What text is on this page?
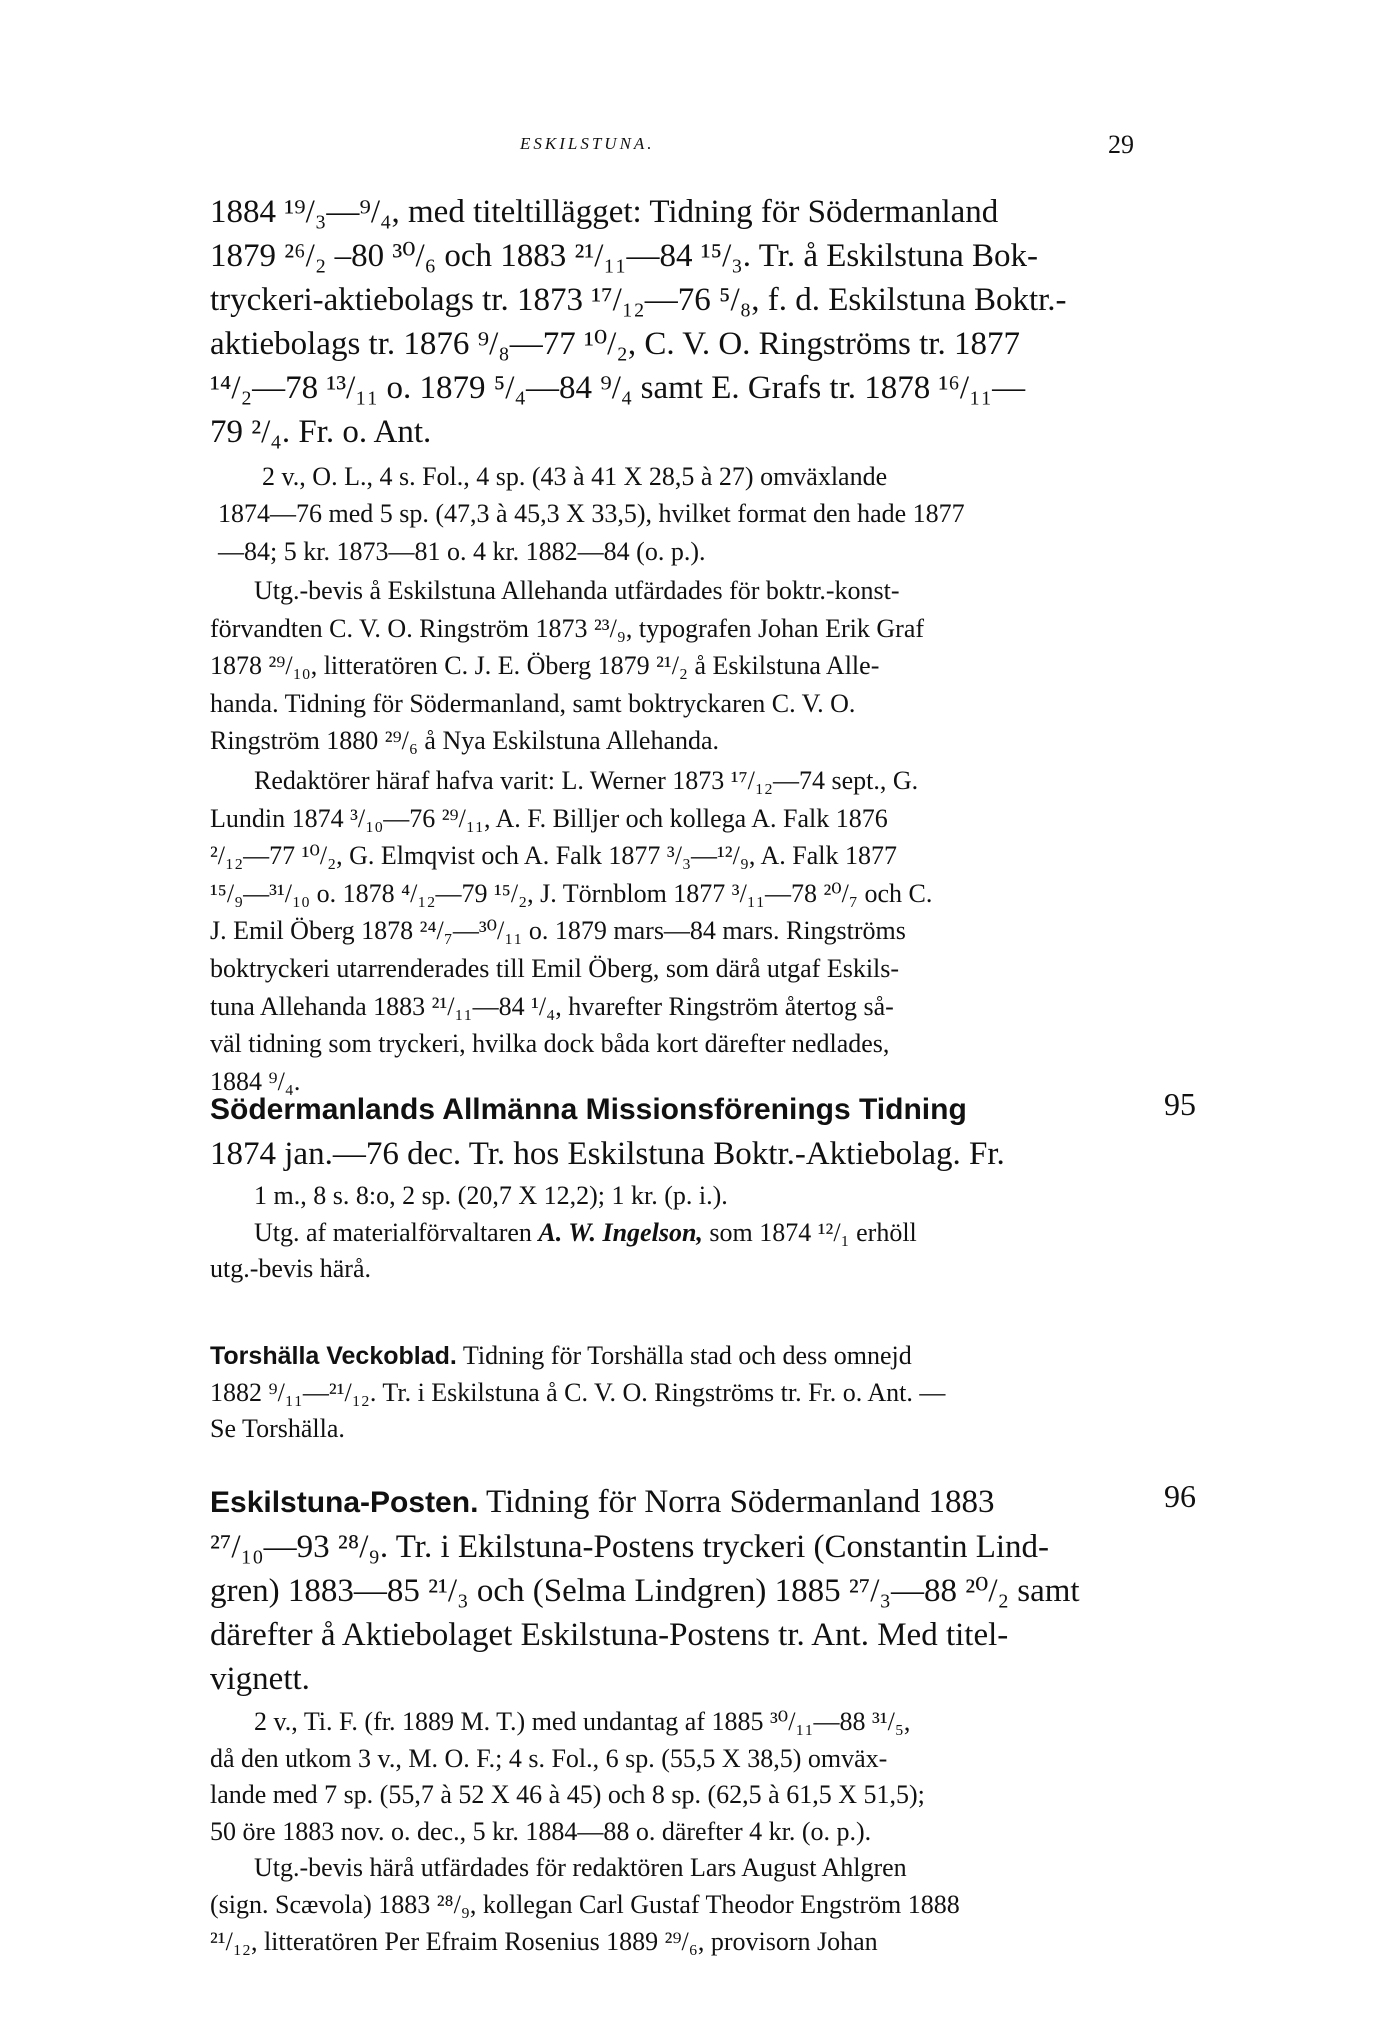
ESKILSTUNA.	29
1884 ¹⁹/₃—⁹/₄, med titeltillägget: Tidning för Södermanland
1879 ²⁶/₂ –80 ³⁰/₆ och 1883 ²¹/₁₁—84 ¹⁵/₃. Tr. å Eskilstuna Bok-
tryckeri-aktiebolags tr. 1873 ¹⁷/₁₂—76 ⁵/₈, f. d. Eskilstuna Boktr.-
aktiebolags tr. 1876 ⁹/₈—77 ¹⁰/₂, C. V. O. Ringströms tr. 1877
¹⁴/₂—78 ¹³/₁₁ o. 1879 ⁵/₄—84 ⁹/₄ samt E. Grafs tr. 1878 ¹⁶/₁₁—
79 ²/₄. Fr. o. Ant.
2 v., O. L., 4 s. Fol., 4 sp. (43 à 41 X 28,5 à 27) omväxlande
1874—76 med 5 sp. (47,3 à 45,3 X 33,5), hvilket format den hade 1877
—84; 5 kr. 1873—81 o. 4 kr. 1882—84 (o. p.).
Utg.-bevis å Eskilstuna Allehanda utfärdades för boktr.-konst-
förvandten C. V. O. Ringström 1873 ²³/₉, typografen Johan Erik Graf
1878 ²⁹/₁₀, litteratören C. J. E. Öberg 1879 ²¹/₂ å Eskilstuna Alle-
handa. Tidning för Södermanland, samt boktryckaren C. V. O.
Ringström 1880 ²⁹/₆ å Nya Eskilstuna Allehanda.
Redaktörer häraf hafva varit: L. Werner 1873 ¹⁷/₁₂—74 sept., G.
Lundin 1874 ³/₁₀—76 ²⁹/₁₁, A. F. Billjer och kollega A. Falk 1876
²/₁₂—77 ¹⁰/₂, G. Elmqvist och A. Falk 1877 ³/₃—¹²/₉, A. Falk 1877
¹⁵/₉—³¹/₁₀ o. 1878 ⁴/₁₂—79 ¹⁵/₂, J. Törnblom 1877 ³/₁₁—78 ²⁰/₇ och C.
J. Emil Öberg 1878 ²⁴/₇—³⁰/₁₁ o. 1879 mars—84 mars. Ringströms
boktryckeri utarrenderades till Emil Öberg, som därå utgaf Eskils-
tuna Allehanda 1883 ²¹/₁₁—84 ¹/₄, hvarefter Ringström återtog så-
väl tidning som tryckeri, hvilka dock båda kort därefter nedlades,
1884 ⁹/₄.
Södermanlands Allmänna Missionsförenings Tidning
1874 jan.—76 dec. Tr. hos Eskilstuna Boktr.-Aktiebolag. Fr.
95
1 m., 8 s. 8:o, 2 sp. (20,7 X 12,2); 1 kr. (p. i.).
Utg. af materialförvaltaren A. W. Ingelson, som 1874 ¹²/₁ erhöll
utg.-bevis härå.
Torshälla Veckoblad. Tidning för Torshälla stad och dess omnejd
1882 ⁹/₁₁—²¹/₁₂. Tr. i Eskilstuna å C. V. O. Ringströms tr. Fr. o. Ant. —
Se Torshälla.
Eskilstuna-Posten. Tidning för Norra Södermanland 1883
²⁷/₁₀—93 ²⁸/₉. Tr. i Ekilstuna-Postens tryckeri (Constantin Lind-
gren) 1883—85 ²¹/₃ och (Selma Lindgren) 1885 ²⁷/₃—88 ²⁰/₂ samt
därefter å Aktiebolaget Eskilstuna-Postens tr. Ant. Med titel-
vignett.
96
2 v., Ti. F. (fr. 1889 M. T.) med undantag af 1885 ³⁰/₁₁—88 ³¹/₅,
då den utkom 3 v., M. O. F.; 4 s. Fol., 6 sp. (55,5 X 38,5) omväx-
lande med 7 sp. (55,7 à 52 X 46 à 45) och 8 sp. (62,5 à 61,5 X 51,5);
50 öre 1883 nov. o. dec., 5 kr. 1884—88 o. därefter 4 kr. (o. p.).
Utg.-bevis härå utfärdades för redaktören Lars August Ahlgren
(sign. Scævola) 1883 ²⁸/₉, kollegan Carl Gustaf Theodor Engström 1888
²¹/₁₂, litteratören Per Efraim Rosenius 1889 ²⁹/₆, provisorn Johan
